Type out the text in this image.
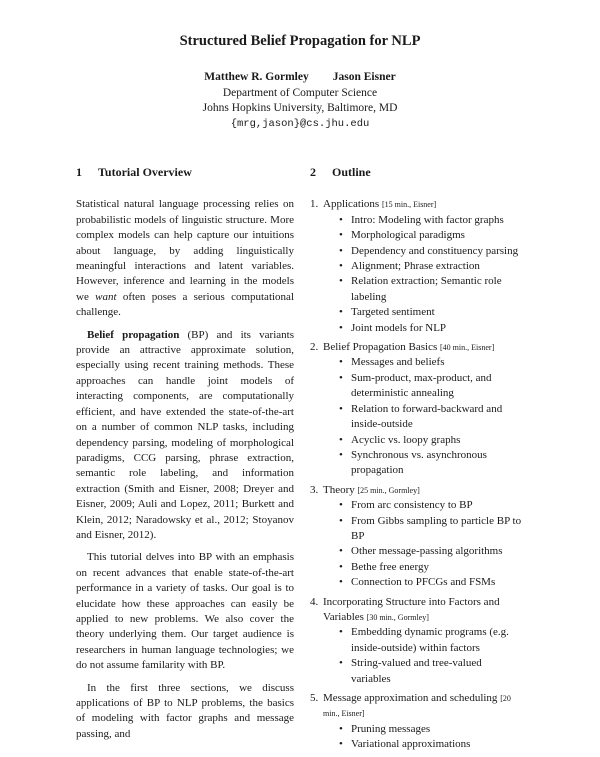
Structured Belief Propagation for NLP
Matthew R. Gormley Jason Eisner
Department of Computer Science
Johns Hopkins University, Baltimore, MD
{mrg,jason}@cs.jhu.edu
1 Tutorial Overview

Statistical natural language processing relies on probabilistic models of linguistic structure. More complex models can help capture our intuitions about language, by adding linguistically meaningful interactions and latent variables. However, inference and learning in the models we want often poses a serious computational challenge.

Belief propagation (BP) and its variants provide an attractive approximate solution, especially using recent training methods. These approaches can handle joint models of interacting components, are computationally efficient, and have extended the state-of-the-art on a number of common NLP tasks, including dependency parsing, modeling of morphological paradigms, CCG parsing, phrase extraction, semantic role labeling, and information extraction (Smith and Eisner, 2008; Dreyer and Eisner, 2009; Auli and Lopez, 2011; Burkett and Klein, 2012; Naradowsky et al., 2012; Stoyanov and Eisner, 2012).

This tutorial delves into BP with an emphasis on recent advances that enable state-of-the-art performance in a variety of tasks. Our goal is to elucidate how these approaches can easily be applied to new problems. We also cover the theory underlying them. Our target audience is researchers in human language technologies; we do not assume familarity with BP.

In the first three sections, we discuss applications of BP to NLP problems, the basics of modeling with factor graphs and message passing, and

2 Outline
1. Applications [15 min., Eisner]
• Intro: Modeling with factor graphs
• Morphological paradigms
• Dependency and constituency parsing
• Alignment; Phrase extraction
• Relation extraction; Semantic role labeling
• Targeted sentiment
• Joint models for NLP
2. Belief Propagation Basics [40 min., Eisner]
• Messages and beliefs
• Sum-product, max-product, and deterministic annealing
• Relation to forward-backward and inside-outside
• Acyclic vs. loopy graphs
• Synchronous vs. asynchronous propagation
3. Theory [25 min., Gormley]
• From arc consistency to BP
• From Gibbs sampling to particle BP to BP
• Other message-passing algorithms
• Bethe free energy
• Connection to PFCGs and FSMs
4. Incorporating Structure into Factors and Variables [30 min., Gormley]
• Embedding dynamic programs (e.g. inside-outside) within factors
• String-valued and tree-valued variables
5. Message approximation and scheduling [20 min., Eisner]
• Pruning messages
• Variational approximations
